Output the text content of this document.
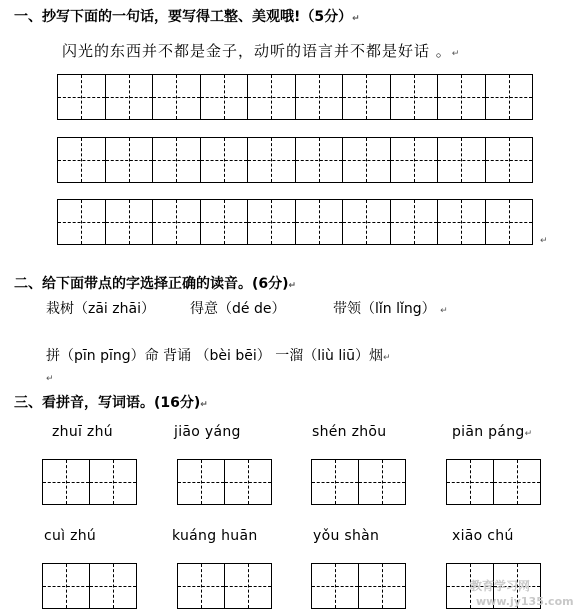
一、抄写下面的一句话，要写得工整、美观哦!（5分）↵
闪光的东西并不都是金子，动听的语言并不都是好话 。↵
↵
二、给下面带点的字选择正确的读音。(6分)↵
栽树（zāi zhāi）	得意（dé de）	带领（lǐn lǐng） ↵
拼（pīn pīng）命 背诵 （bèi bēi） 一溜（liù liū）烟↵
↵
三、看拼音，写词语。(16分)↵
zhuī zhú	jiāo yáng	shén zhōu	piān páng↵
cuì zhú	kuáng huān	yǒu shàn	xiāo chú
教育学习网
www.jy135.com
